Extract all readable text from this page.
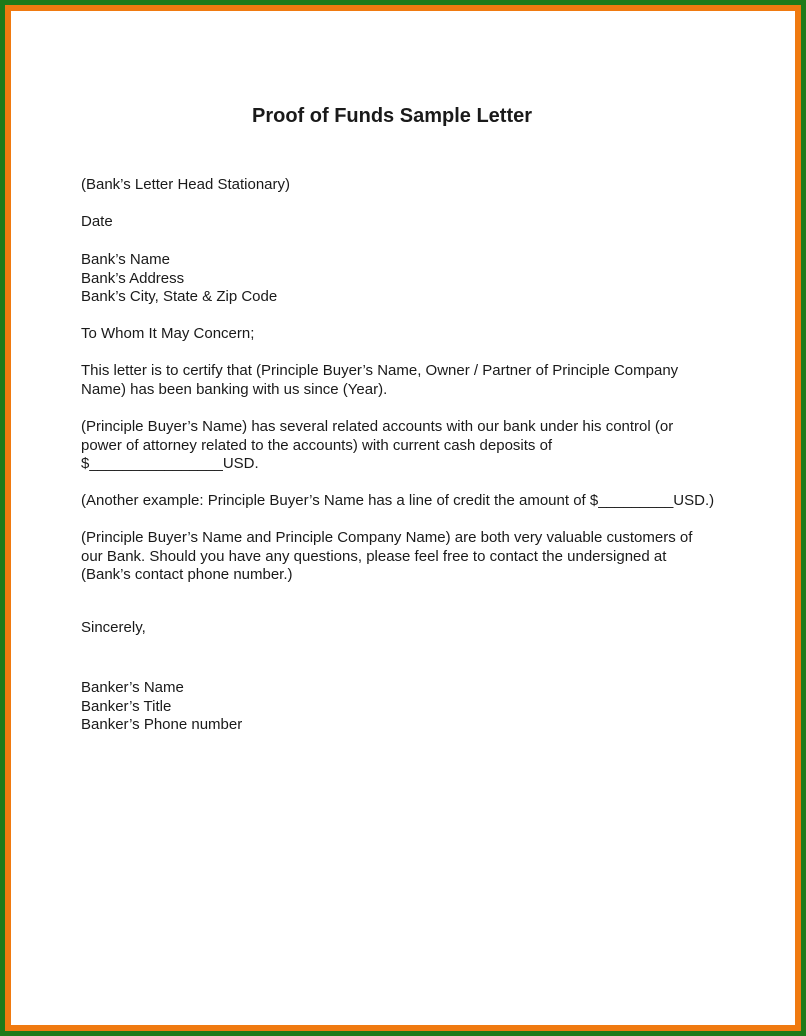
Proof of Funds Sample Letter
(Bank’s Letter Head Stationary)
Date
Bank’s Name
Bank’s Address
Bank’s City, State & Zip Code
To Whom It May Concern;
This letter is to certify that (Principle Buyer’s Name, Owner / Partner of Principle Company
Name) has been banking with us since (Year).
(Principle Buyer’s Name) has several related accounts with our bank under his control (or
power of attorney related to the accounts) with current cash deposits of
$________________USD.
(Another example: Principle Buyer’s Name has a line of credit the amount of $_________USD.)
(Principle Buyer’s Name and Principle Company Name) are both very valuable customers of
our Bank. Should you have any questions, please feel free to contact the undersigned at
(Bank’s contact phone number.)
Sincerely,
Banker’s Name
Banker’s Title
Banker’s Phone number
